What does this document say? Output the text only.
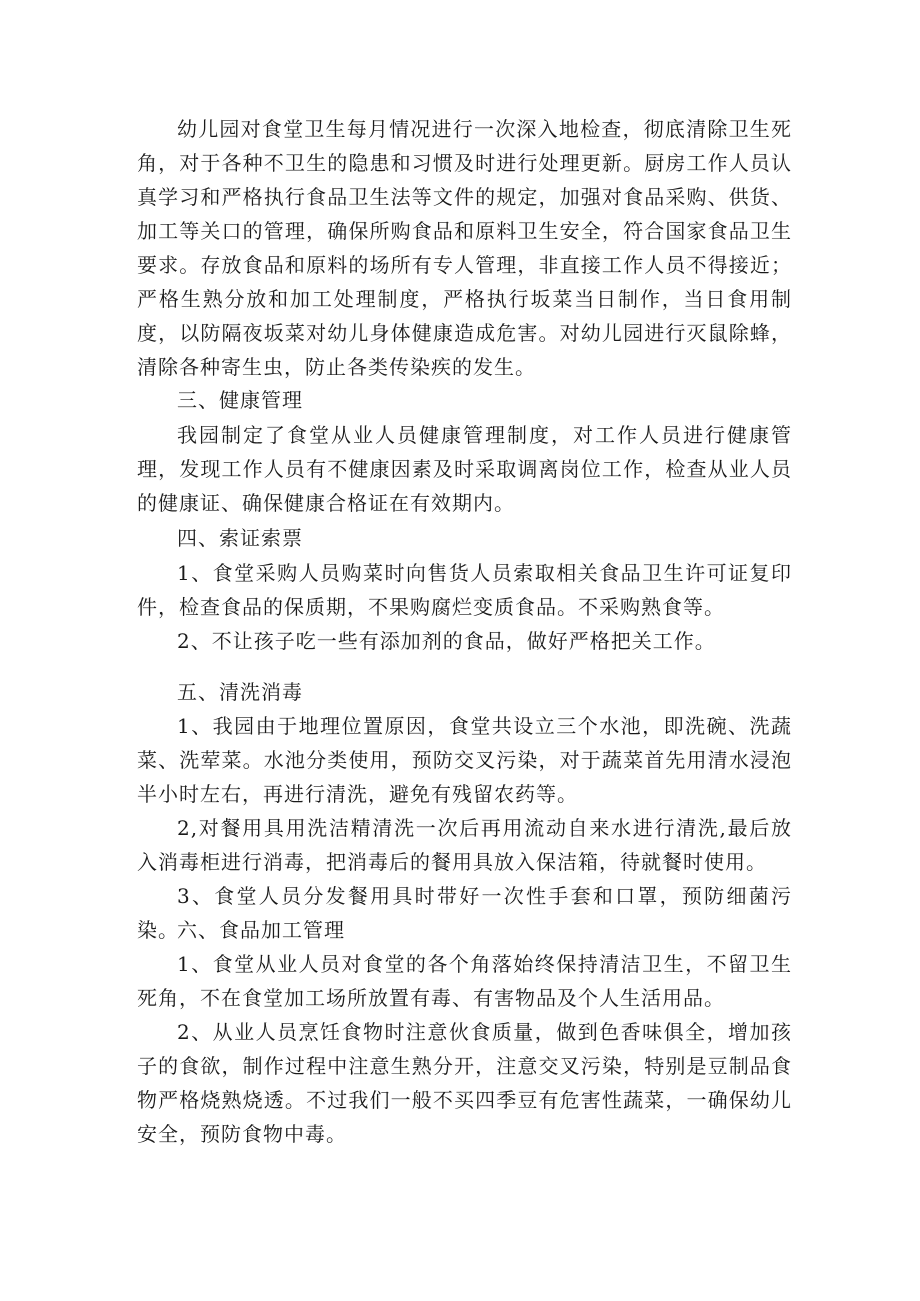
幼儿园对食堂卫生每月情况进行一次深入地检查，彻底清除卫生死角，对于各种不卫生的隐患和习惯及时进行处理更新。厨房工作人员认真学习和严格执行食品卫生法等文件的规定，加强对食品采购、供货、加工等关口的管理，确保所购食品和原料卫生安全，符合国家食品卫生要求。存放食品和原料的场所有专人管理，非直接工作人员不得接近；严格生熟分放和加工处理制度，严格执行坂菜当日制作，当日食用制度，以防隔夜坂菜对幼儿身体健康造成危害。对幼儿园进行灭鼠除蜂，清除各种寄生虫，防止各类传染疾的发生。

三、健康管理

我园制定了食堂从业人员健康管理制度，对工作人员进行健康管理，发现工作人员有不健康因素及时采取调离岗位工作，检查从业人员的健康证、确保健康合格证在有效期内。

四、索证索票

1、食堂采购人员购菜时向售货人员索取相关食品卫生许可证复印件，检查食品的保质期，不果购腐烂变质食品。不采购熟食等。

2、不让孩子吃一些有添加剂的食品，做好严格把关工作。

五、清洗消毒

1、我园由于地理位置原因，食堂共设立三个水池，即洗碗、洗蔬菜、洗荤菜。水池分类使用，预防交叉污染，对于蔬菜首先用清水浸泡半小时左右，再进行清洗，避免有残留农药等。

2,对餐用具用洗洁精清洗一次后再用流动自来水进行清洗,最后放入消毒柜进行消毒，把消毒后的餐用具放入保洁箱，待就餐时使用。

3、食堂人员分发餐用具时带好一次性手套和口罩，预防细菌污染。

六、食品加工管理

1、食堂从业人员对食堂的各个角落始终保持清洁卫生，不留卫生死角，不在食堂加工场所放置有毒、有害物品及个人生活用品。

2、从业人员烹饪食物时注意伙食质量，做到色香味俱全，增加孩子的食欲，制作过程中注意生熟分开，注意交叉污染，特别是豆制品食物严格烧熟烧透。不过我们一般不买四季豆有危害性蔬菜，一确保幼儿安全，预防食物中毒。
